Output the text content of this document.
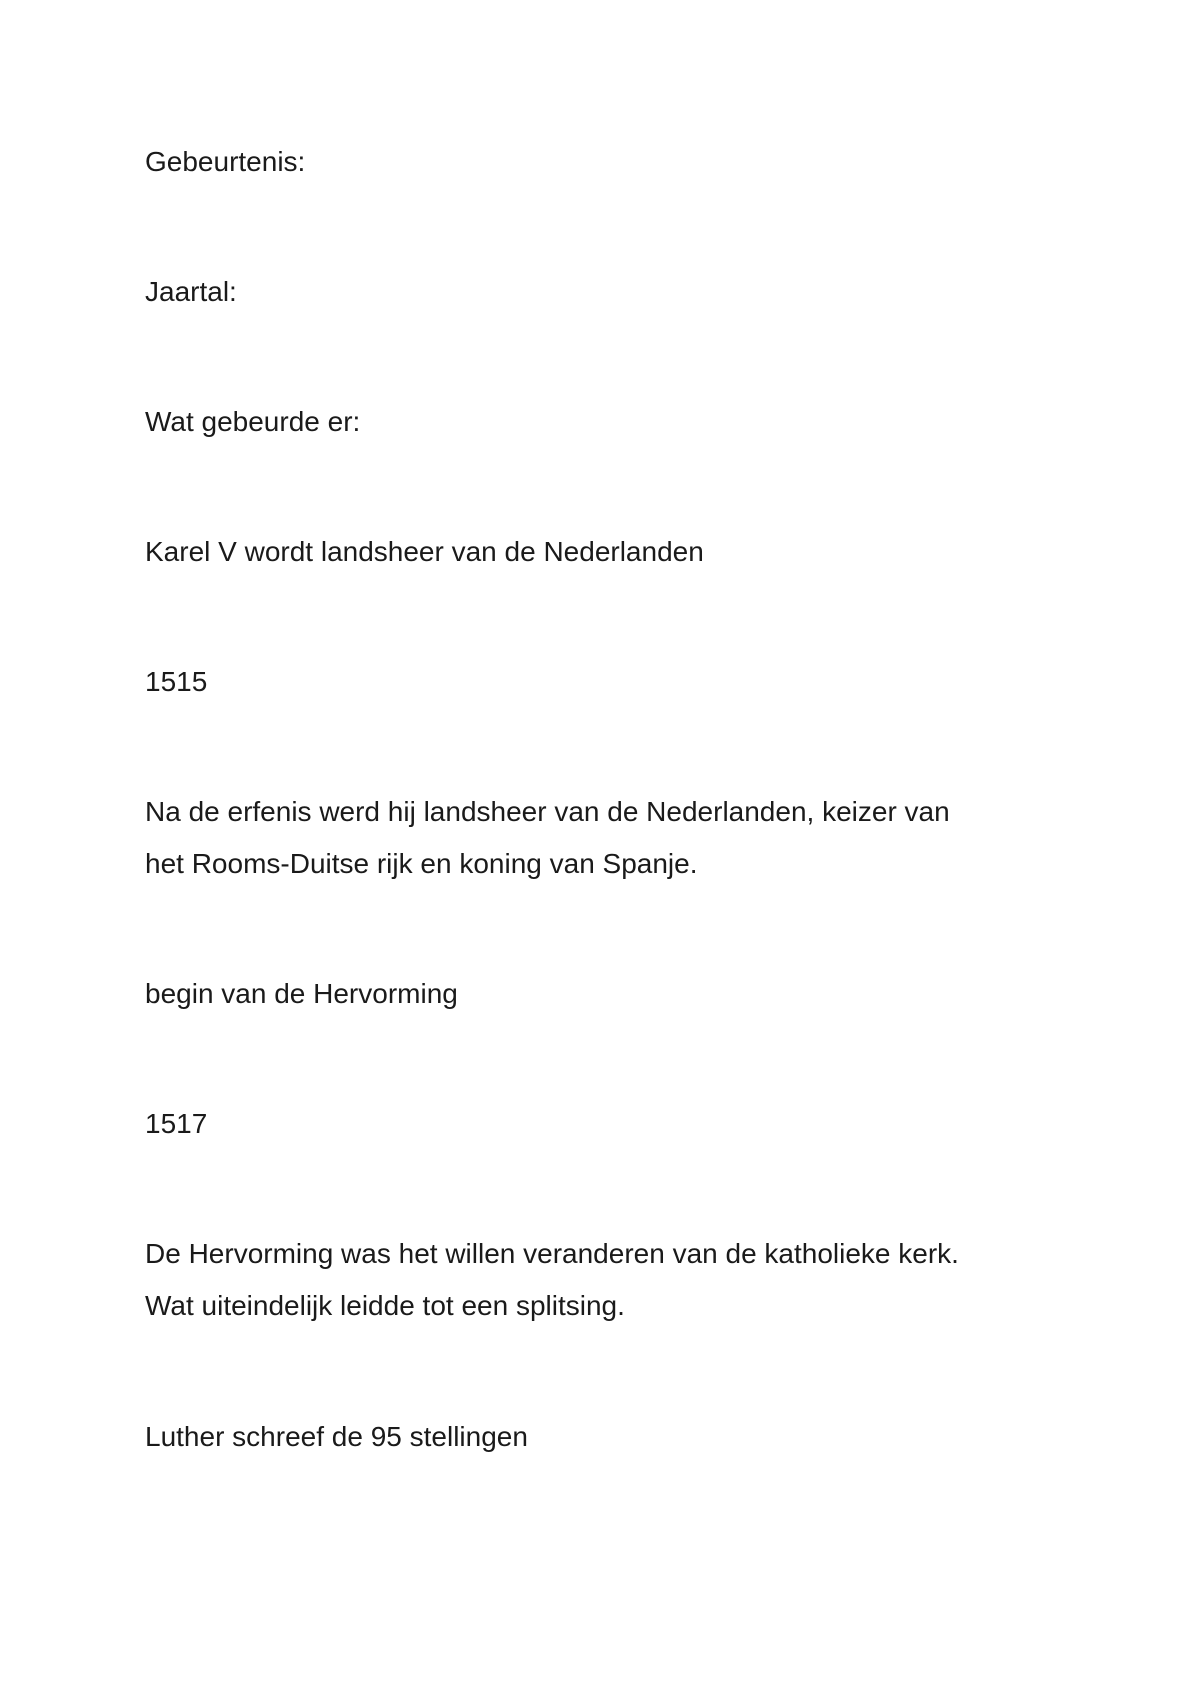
Gebeurtenis:

Jaartal:

Wat gebeurde er:

Karel V wordt landsheer van de Nederlanden

1515

Na de erfenis werd hij landsheer van de Nederlanden, keizer van
het Rooms-Duitse rijk en koning van Spanje.

begin van de Hervorming

1517

De Hervorming was het willen veranderen van de katholieke kerk.
Wat uiteindelijk leidde tot een splitsing.

Luther schreef de 95 stellingen
